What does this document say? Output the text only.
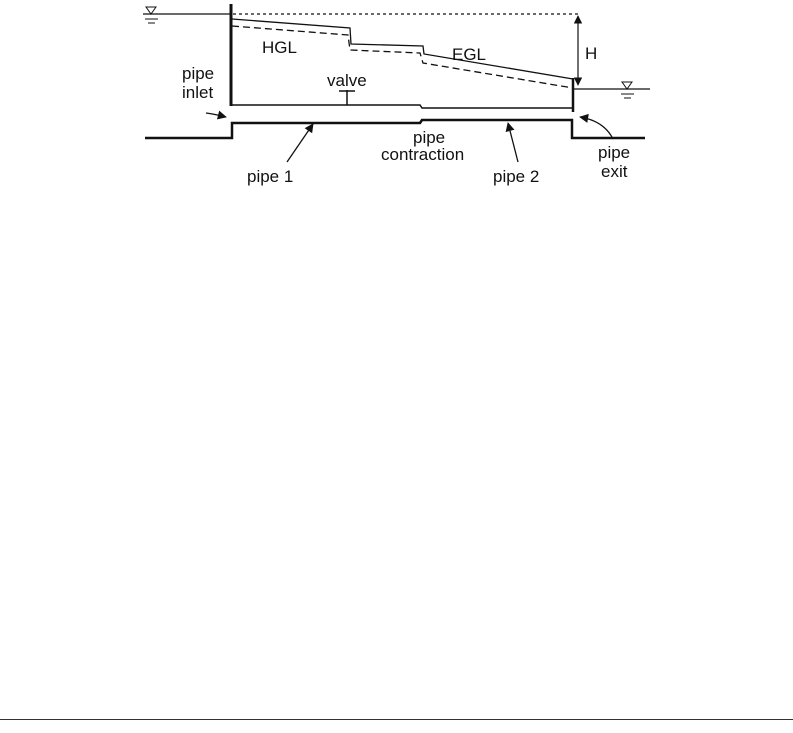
HGL	EGL	H
valve
pipe
inlet
pipe
contraction
pipe 1	pipe 2
pipe
exit
